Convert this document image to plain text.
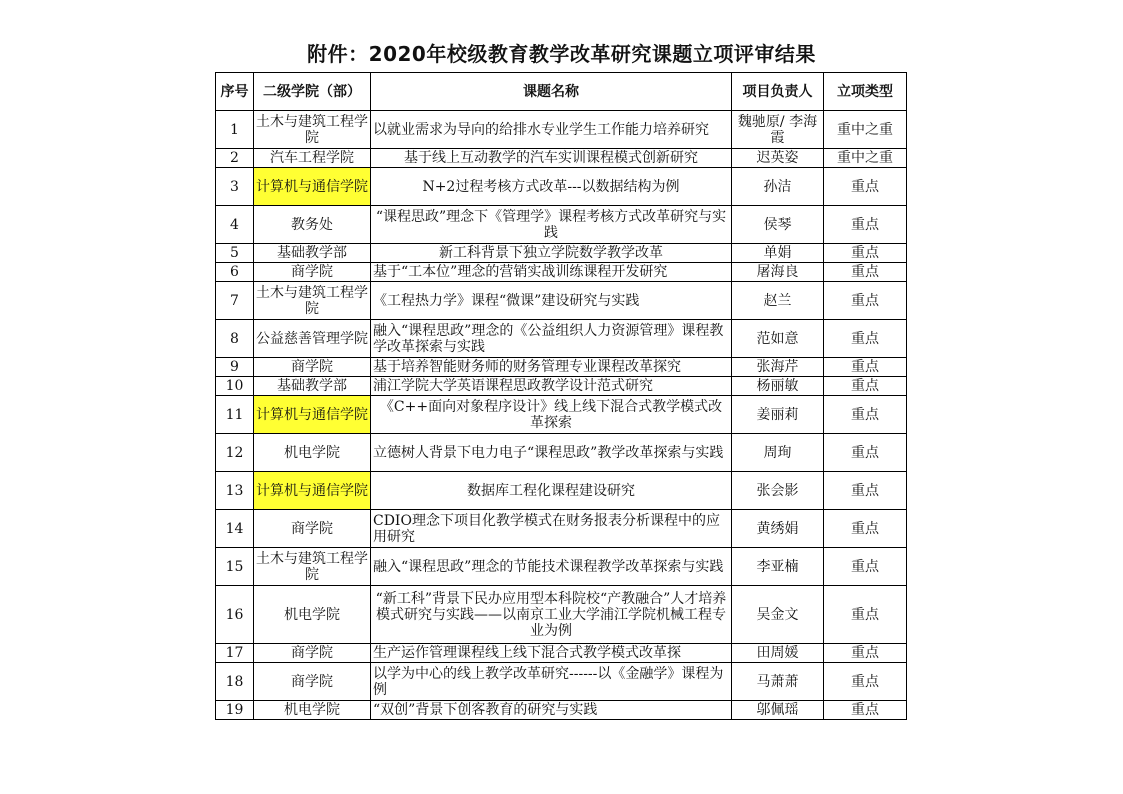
附件：2020年校级教育教学改革研究课题立项评审结果
序号	二级学院（部）	课题名称	项目负责人	立项类型
1	土木与建筑工程学院	以就业需求为导向的给排水专业学生工作能力培养研究	魏驰原/ 李海霞	重中之重
2	汽车工程学院	基于线上互动教学的汽车实训课程模式创新研究	迟英姿	重中之重
3	计算机与通信学院	N+2过程考核方式改革---以数据结构为例	孙洁	重点
4	教务处	“课程思政”理念下《管理学》课程考核方式改革研究与实践	侯琴	重点
5	基础教学部	新工科背景下独立学院数学教学改革	单娟	重点
6	商学院	基于“工本位”理念的营销实战训练课程开发研究	屠海良	重点
7	土木与建筑工程学院	《工程热力学》课程“微课”建设研究与实践	赵兰	重点
8	公益慈善管理学院	融入“课程思政”理念的《公益组织人力资源管理》课程教学改革探索与实践	范如意	重点
9	商学院	基于培养智能财务师的财务管理专业课程改革探究	张海芹	重点
10	基础教学部	浦江学院大学英语课程思政教学设计范式研究	杨丽敏	重点
11	计算机与通信学院	《C++面向对象程序设计》线上线下混合式教学模式改革探索	姜丽莉	重点
12	机电学院	立德树人背景下电力电子“课程思政”教学改革探索与实践	周珣	重点
13	计算机与通信学院	数据库工程化课程建设研究	张会影	重点
14	商学院	CDIO理念下项目化教学模式在财务报表分析课程中的应用研究	黄绣娟	重点
15	土木与建筑工程学院	融入“课程思政”理念的节能技术课程教学改革探索与实践	李亚楠	重点
16	机电学院	“新工科”背景下民办应用型本科院校“产教融合”人才培养模式研究与实践——以南京工业大学浦江学院机械工程专业为例	吴金文	重点
17	商学院	生产运作管理课程线上线下混合式教学模式改革探	田周媛	重点
18	商学院	以学为中心的线上教学改革研究------以《金融学》课程为例	马萧萧	重点
19	机电学院	“双创”背景下创客教育的研究与实践	邬佩瑶	重点
